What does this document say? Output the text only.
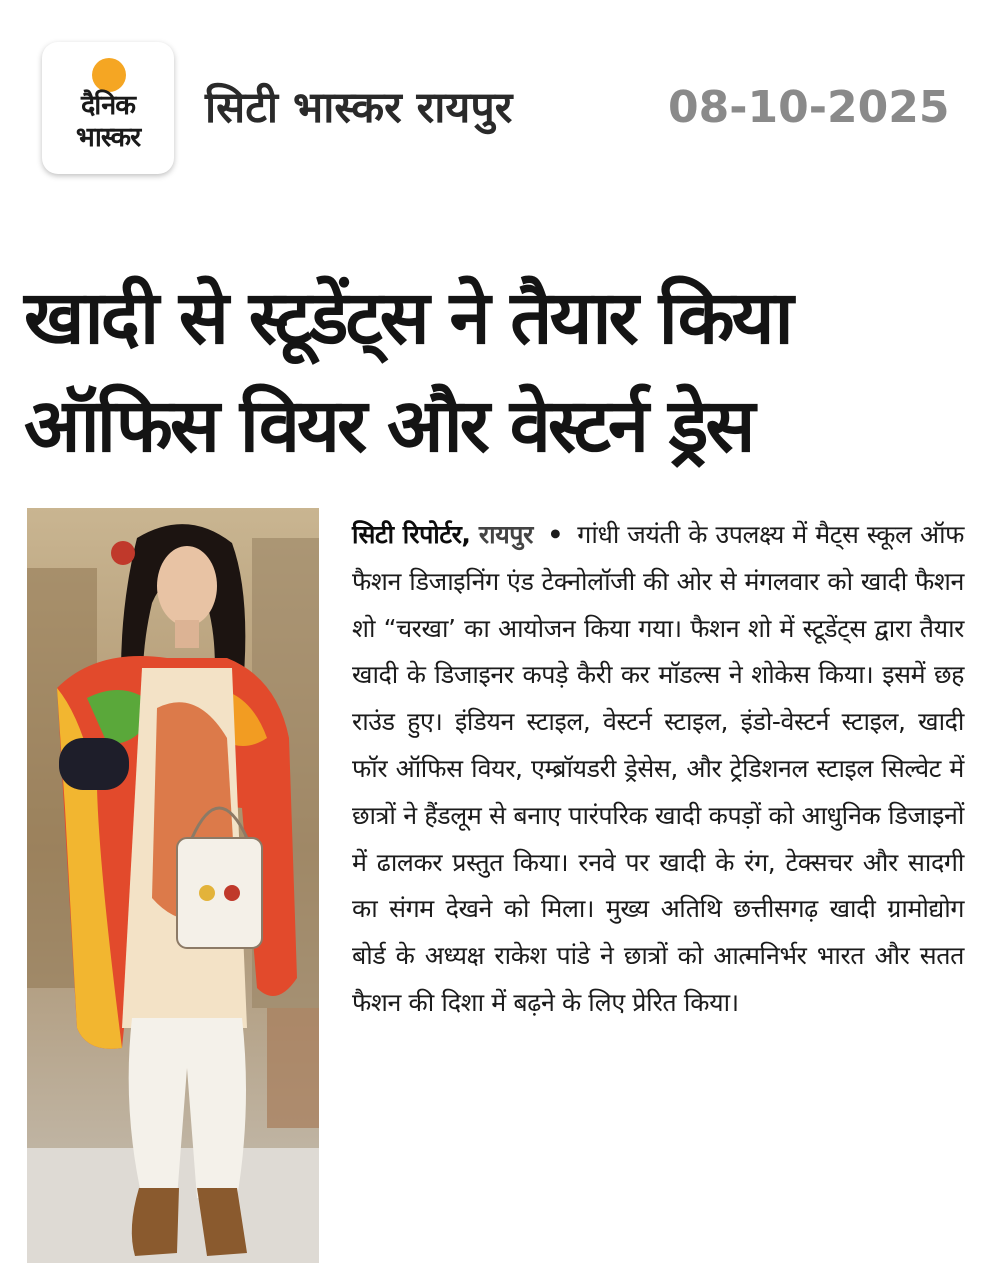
दैनिक
भास्कर
सिटी भास्कर रायपुर	08-10-2025
खादी से स्टूडेंट्स ने तैयार किया
ऑफिस वियर और वेस्टर्न ड्रेस
सिटी रिपोर्टर, रायपुर • गांधी जयंती के उपलक्ष्य में मैट्स स्कूल ऑफ फैशन डिजाइनिंग एंड टेक्नोलॉजी की ओर से मंगलवार को खादी फैशन शो “चरखा’ का आयोजन किया गया। फैशन शो में स्टूडेंट्स द्वारा तैयार खादी के डिजाइनर कपड़े कैरी कर मॉडल्स ने शोकेस किया। इसमें छह राउंड हुए। इंडियन स्टाइल, वेस्टर्न स्टाइल, इंडो-वेस्टर्न स्टाइल, खादी फॉर ऑफिस वियर, एम्ब्रॉयडरी ड्रेसेस, और ट्रेडिशनल स्टाइल सिल्वेट में छात्रों ने हैंडलूम से बनाए पारंपरिक खादी कपड़ों को आधुनिक डिजाइनों में ढालकर प्रस्तुत किया। रनवे पर खादी के रंग, टेक्सचर और सादगी का संगम देखने को मिला। मुख्य अतिथि छत्तीसगढ़ खादी ग्रामोद्योग बोर्ड के अध्यक्ष राकेश पांडे ने छात्रों को आत्मनिर्भर भारत और सतत फैशन की दिशा में बढ़ने के लिए प्रेरित किया।
